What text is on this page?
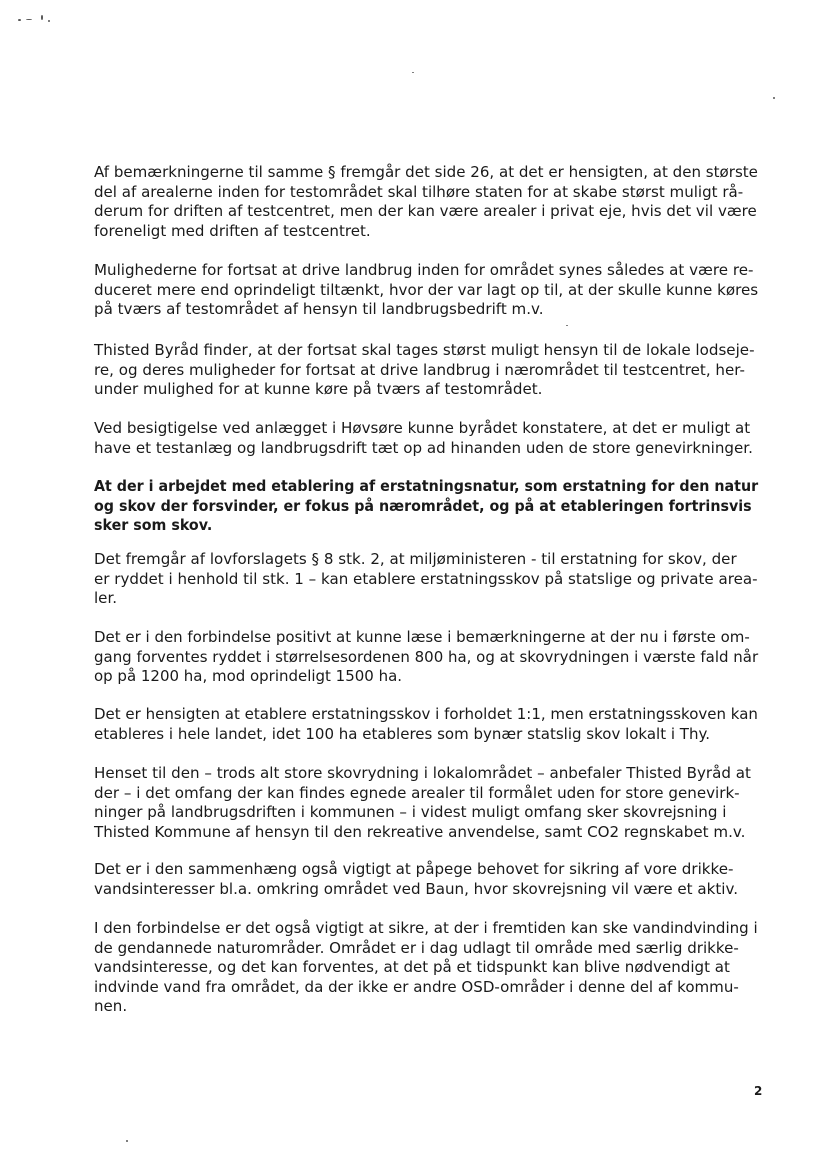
Af bemærkningerne til samme § fremgår det side 26, at det er hensigten, at den største
del af arealerne inden for testområdet skal tilhøre staten for at skabe størst muligt rå-
derum for driften af testcentret, men der kan være arealer i privat eje, hvis det vil være
foreneligt med driften af testcentret.

Mulighederne for fortsat at drive landbrug inden for området synes således at være re-
duceret mere end oprindeligt tiltænkt, hvor der var lagt op til, at der skulle kunne køres
på tværs af testområdet af hensyn til landbrugsbedrift m.v.

Thisted Byråd finder, at der fortsat skal tages størst muligt hensyn til de lokale lodseje-
re, og deres muligheder for fortsat at drive landbrug i nærområdet til testcentret, her-
under mulighed for at kunne køre på tværs af testområdet.

Ved besigtigelse ved anlægget i Høvsøre kunne byrådet konstatere, at det er muligt at
have et testanlæg og landbrugsdrift tæt op ad hinanden uden de store genevirkninger.

At der i arbejdet med etablering af erstatningsnatur, som erstatning for den natur
og skov der forsvinder, er fokus på nærområdet, og på at etableringen fortrinsvis
sker som skov.

Det fremgår af lovforslagets § 8 stk. 2, at miljøministeren - til erstatning for skov, der
er ryddet i henhold til stk. 1 – kan etablere erstatningsskov på statslige og private area-
ler.

Det er i den forbindelse positivt at kunne læse i bemærkningerne at der nu i første om-
gang forventes ryddet i størrelsesordenen 800 ha, og at skovrydningen i værste fald når
op på 1200 ha, mod oprindeligt 1500 ha.

Det er hensigten at etablere erstatningsskov i forholdet 1:1, men erstatningsskoven kan
etableres i hele landet, idet 100 ha etableres som bynær statslig skov lokalt i Thy.

Henset til den – trods alt store skovrydning i lokalområdet – anbefaler Thisted Byråd at
der – i det omfang der kan findes egnede arealer til formålet uden for store genevirk-
ninger på landbrugsdriften i kommunen – i videst muligt omfang sker skovrejsning i
Thisted Kommune af hensyn til den rekreative anvendelse, samt CO2 regnskabet m.v.

Det er i den sammenhæng også vigtigt at påpege behovet for sikring af vore drikke-
vandsinteresser bl.a. omkring området ved Baun, hvor skovrejsning vil være et aktiv.

I den forbindelse er det også vigtigt at sikre, at der i fremtiden kan ske vandindvinding i
de gendannede naturområder. Området er i dag udlagt til område med særlig drikke-
vandsinteresse, og det kan forventes, at det på et tidspunkt kan blive nødvendigt at
indvinde vand fra området, da der ikke er andre OSD-områder i denne del af kommu-
nen.

2
